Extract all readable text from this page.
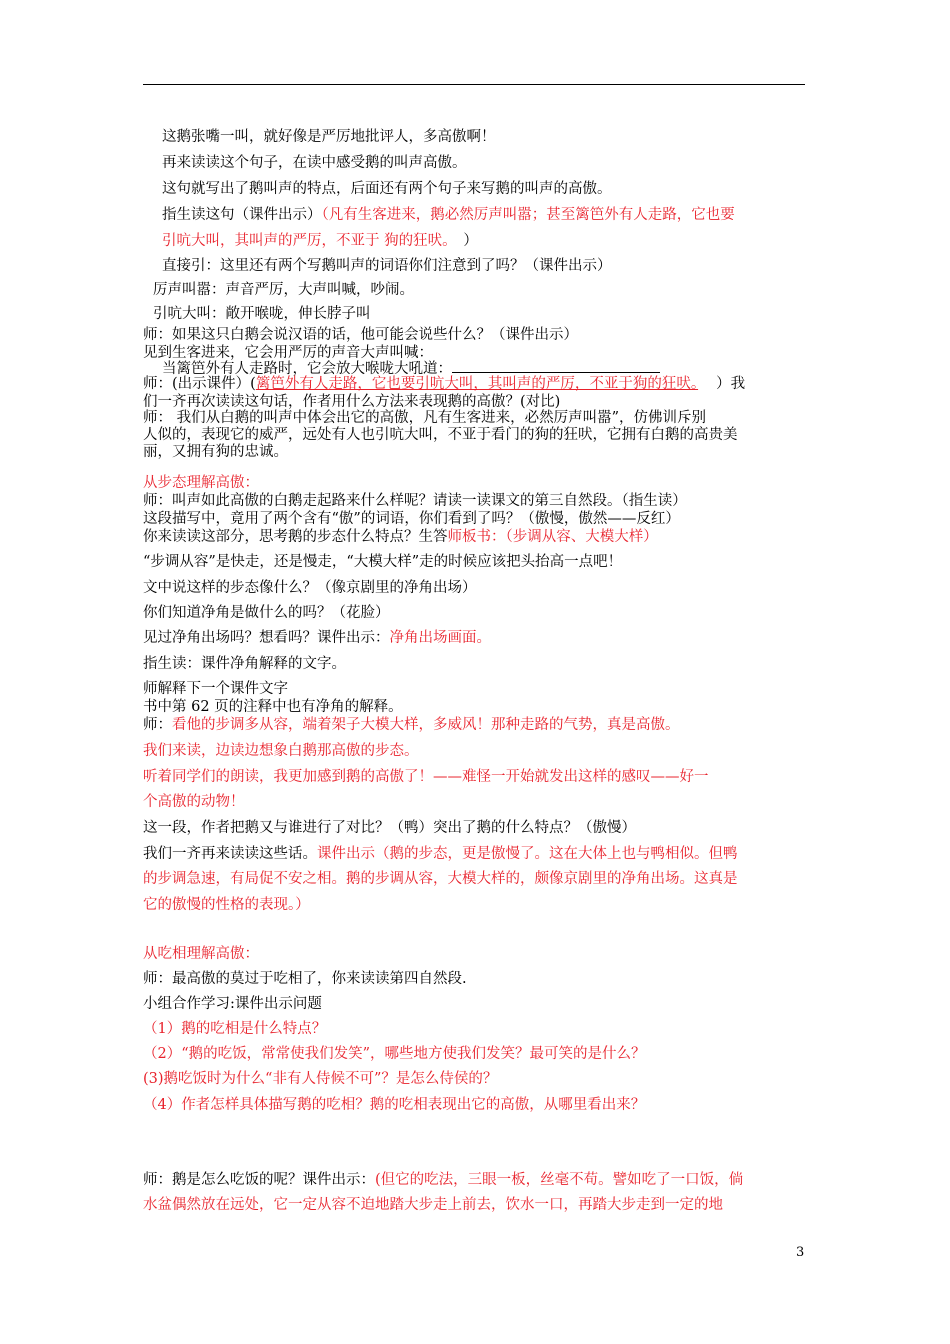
这鹅张嘴一叫，就好像是严厉地批评人，多高傲啊！
再来读读这个句子，在读中感受鹅的叫声高傲。
这句就写出了鹅叫声的特点，后面还有两个句子来写鹅的叫声的高傲。
指生读这句（课件出示）（凡有生客进来，鹅必然厉声叫嚣；甚至篱笆外有人走路，它也要
引吭大叫，其叫声的严厉，不亚于 狗的狂吠。 ）
直接引：这里还有两个写鹅叫声的词语你们注意到了吗？（课件出示）
厉声叫嚣：声音严厉，大声叫喊，吵闹。
引吭大叫：敞开喉咙，伸长脖子叫
师：如果这只白鹅会说汉语的话，他可能会说些什么？（课件出示）
见到生客进来，它会用严厉的声音大声叫喊：
当篱笆外有人走路时，它会放大喉咙大吼道：
师：(出示课件）(篱笆外有人走路，它也要引吭大叫，其叫声的严厉，不亚于狗的狂吠。 ）我
们一齐再次读读这句话，作者用什么方法来表现鹅的高傲？(对比)
师： 我们从白鹅的叫声中体会出它的高傲，凡有生客进来，必然厉声叫嚣”，仿佛训斥别
人似的，表现它的威严，远处有人也引吭大叫，不亚于看门的狗的狂吠，它拥有白鹅的高贵美
丽，又拥有狗的忠诚。
从步态理解高傲：
师：叫声如此高傲的白鹅走起路来什么样呢？请读一读课文的第三自然段。（指生读）
这段描写中，竟用了两个含有“傲”的词语，你们看到了吗？（傲慢，傲然——反红）
你来读读这部分，思考鹅的步态什么特点？生答师板书：（步调从容、大模大样）
“步调从容”是快走，还是慢走，“大模大样”走的时候应该把头抬高一点吧！
文中说这样的步态像什么？（像京剧里的净角出场）
你们知道净角是做什么的吗？（花脸）
见过净角出场吗？想看吗？课件出示：净角出场画面。
指生读：课件净角解释的文字。
师解释下一个课件文字
书中第 62 页的注释中也有净角的解释。
师：看他的步调多从容，端着架子大模大样，多威风！那种走路的气势，真是高傲。
我们来读，边读边想象白鹅那高傲的步态。
听着同学们的朗读，我更加感到鹅的高傲了！——难怪一开始就发出这样的感叹——好一
个高傲的动物！
这一段，作者把鹅又与谁进行了对比？（鸭）突出了鹅的什么特点？（傲慢）
我们一齐再来读读这些话。课件出示（鹅的步态，更是傲慢了。这在大体上也与鸭相似。但鸭
的步调急速，有局促不安之相。鹅的步调从容，大模大样的，颇像京剧里的净角出场。这真是
它的傲慢的性格的表现。）
从吃相理解高傲：
师：最高傲的莫过于吃相了，你来读读第四自然段.
小组合作学习:课件出示问题
（1）鹅的吃相是什么特点？
（2）“鹅的吃饭，常常使我们发笑”，哪些地方使我们发笑？最可笑的是什么？
(3)鹅吃饭时为什么“非有人侍候不可”？是怎么侍侯的？
（4）作者怎样具体描写鹅的吃相？鹅的吃相表现出它的高傲，从哪里看出来？
师：鹅是怎么吃饭的呢？课件出示：(但它的吃法，三眼一板，丝毫不苟。譬如吃了一口饭，倘
水盆偶然放在远处，它一定从容不迫地踏大步走上前去，饮水一口，再踏大步走到一定的地
3
